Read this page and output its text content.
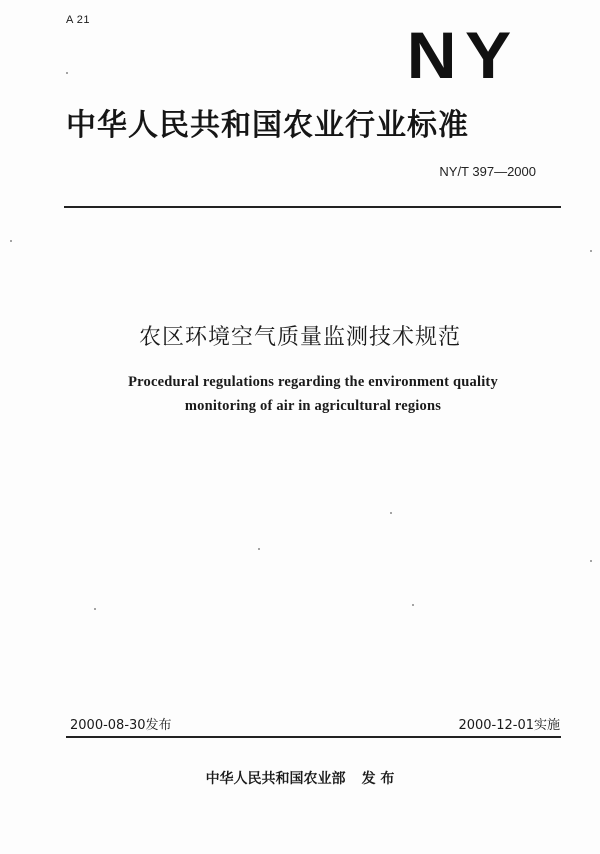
A 21	NY
中华人民共和国农业行业标准
NY/T 397—2000
农区环境空气质量监测技术规范
Procedural regulations regarding the environment quality
monitoring of air in agricultural regions
2000-08-30发布	2000-12-01实施
中华人民共和国农业部 发 布
